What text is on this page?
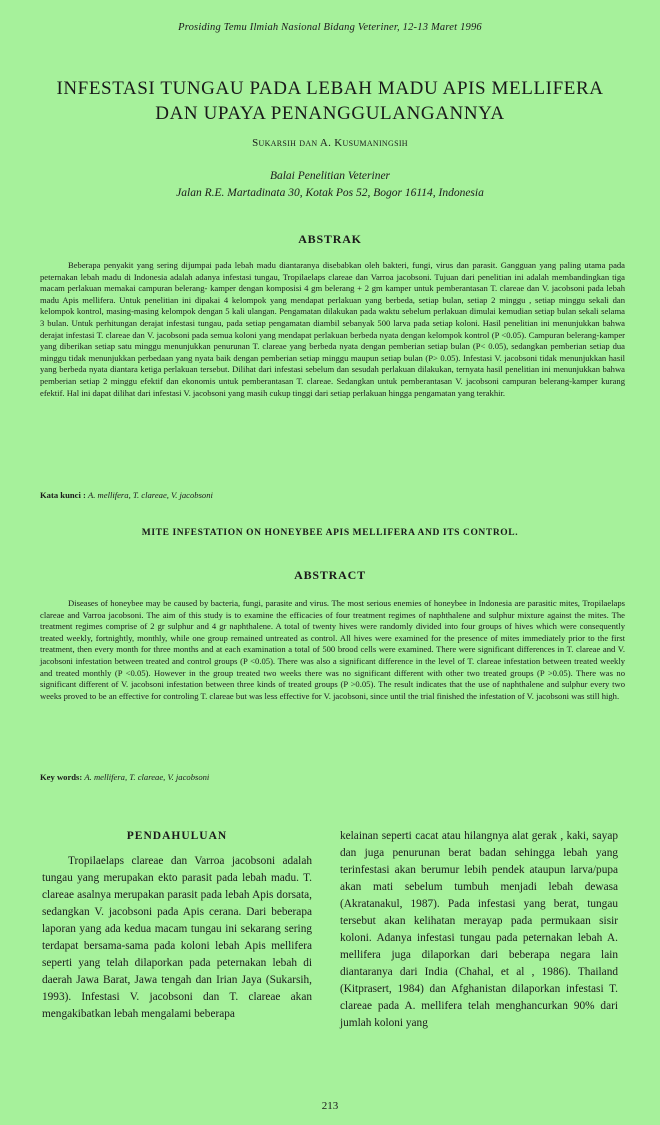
Prosiding Temu Ilmiah Nasional Bidang Veteriner, 12-13 Maret 1996
INFESTASI TUNGAU PADA LEBAH MADU APIS MELLIFERA
DAN UPAYA PENANGGULANGANNYA
Sukarsih dan A. Kusumaningsih
Balai Penelitian Veteriner
Jalan R.E. Martadinata 30, Kotak Pos 52, Bogor 16114, Indonesia
ABSTRAK

Beberapa penyakit yang sering dijumpai pada lebah madu diantaranya disebabkan oleh bakteri, fungi, virus dan parasit. Gangguan yang paling utama pada peternakan lebah madu di Indonesia adalah adanya infestasi tungau, Tropilaelaps clareae dan Varroa jacobsoni. Tujuan dari penelitian ini adalah membandingkan tiga macam perlakuan memakai campuran belerang- kamper dengan komposisi 4 gm belerang + 2 gm kamper untuk pemberantasan T. clareae dan V. jacobsoni pada lebah madu Apis mellifera. Untuk penelitian ini dipakai 4 kelompok yang mendapat perlakuan yang berbeda, setiap bulan, setiap 2 minggu , setiap minggu sekali dan kelompok kontrol, masing-masing kelompok dengan 5 kali ulangan. Pengamatan dilakukan pada waktu sebelum perlakuan dimulai kemudian setiap bulan sekali selama 3 bulan. Untuk perhitungan derajat infestasi tungau, pada setiap pengamatan diambil sebanyak 500 larva pada setiap koloni. Hasil penelitian ini menunjukkan bahwa derajat infestasi T. clareae dan V. jacobsoni pada semua koloni yang mendapat perlakuan berbeda nyata dengan kelompok kontrol (P <0.05). Campuran belerang-kamper yang diberikan setiap satu minggu menunjukkan penurunan T. clareae yang berbeda nyata dengan pemberian setiap bulan (P< 0.05), sedangkan pemberian setiap dua minggu tidak menunjukkan perbedaan yang nyata baik dengan pemberian setiap minggu maupun setiap bulan (P> 0.05). Infestasi V. jacobsoni tidak menunjukkan hasil yang berbeda nyata diantara ketiga perlakuan tersebut. Dilihat dari infestasi sebelum dan sesudah perlakuan dilakukan, ternyata hasil penelitian ini menunjukkan bahwa pemberian setiap 2 minggu efektif dan ekonomis untuk pemberantasan T. clareae. Sedangkan untuk pemberantasan V. jacobsoni campuran belerang-kamper kurang efektif. Hal ini dapat dilihat dari infestasi V. jacobsoni yang masih cukup tinggi dari setiap perlakuan hingga pengamatan yang terakhir.

Kata kunci : A. mellifera, T. clareae, V. jacobsoni

MITE INFESTATION ON HONEYBEE APIS MELLIFERA AND ITS CONTROL.
ABSTRACT

Diseases of honeybee may be caused by bacteria, fungi, parasite and virus. The most serious enemies of honeybee in Indonesia are parasitic mites, Tropilaelaps clareae and Varroa jacobsoni. The aim of this study is to examine the efficacies of four treatment regimes of naphthalene and sulphur mixture against the mites. The treatment regimes comprise of 2 gr sulphur and 4 gr naphthalene. A total of twenty hives were randomly divided into four groups of hives which were consequently treated weekly, fortnightly, monthly, while one group remained untreated as control. All hives were examined for the presence of mites immediately prior to the first treatment, then every month for three months and at each examination a total of 500 brood cells were examined. There were significant differences in T. clareae and V. jacobsoni infestation between treated and control groups (P <0.05). There was also a significant difference in the level of T. clareae infestation between treated weekly and treated monthly (P <0.05). However in the group treated two weeks there was no significant different with other two treated groups (P >0.05). There was no significant different of V. jacobsoni infestation between three kinds of treated groups (P >0.05). The result indicates that the use of naphthalene and sulphur every two weeks proved to be an effective for controling T. clareae but was less effective for V. jacobsoni, since until the trial finished the infestation of V. jacobsoni was still high.

Key words: A. mellifera, T. clareae, V. jacobsoni

PENDAHULUAN

Tropilaelaps clareae dan Varroa jacobsoni adalah tungau yang merupakan ekto parasit pada lebah madu. T. clareae asalnya merupakan parasit pada lebah Apis dorsata, sedangkan V. jacobsoni pada Apis cerana. Dari beberapa laporan yang ada kedua macam tungau ini sekarang sering terdapat bersama-sama pada koloni lebah Apis mellifera seperti yang telah dilaporkan pada peternakan lebah di daerah Jawa Barat, Jawa tengah dan Irian Jaya (Sukarsih, 1993). Infestasi V. jacobsoni dan T. clareae akan mengakibatkan lebah mengalami beberapa

kelainan seperti cacat atau hilangnya alat gerak , kaki, sayap dan juga penurunan berat badan sehingga lebah yang terinfestasi akan berumur lebih pendek ataupun larva/pupa akan mati sebelum tumbuh menjadi lebah dewasa (Akratanakul, 1987). Pada infestasi yang berat, tungau tersebut akan kelihatan merayap pada permukaan sisir koloni. Adanya infestasi tungau pada peternakan lebah A. mellifera juga dilaporkan dari beberapa negara lain diantaranya dari India (Chahal, et al , 1986). Thailand (Kitprasert, 1984) dan Afghanistan dilaporkan infestasi T. clareae pada A. mellifera telah menghancurkan 90% dari jumlah koloni yang

213
